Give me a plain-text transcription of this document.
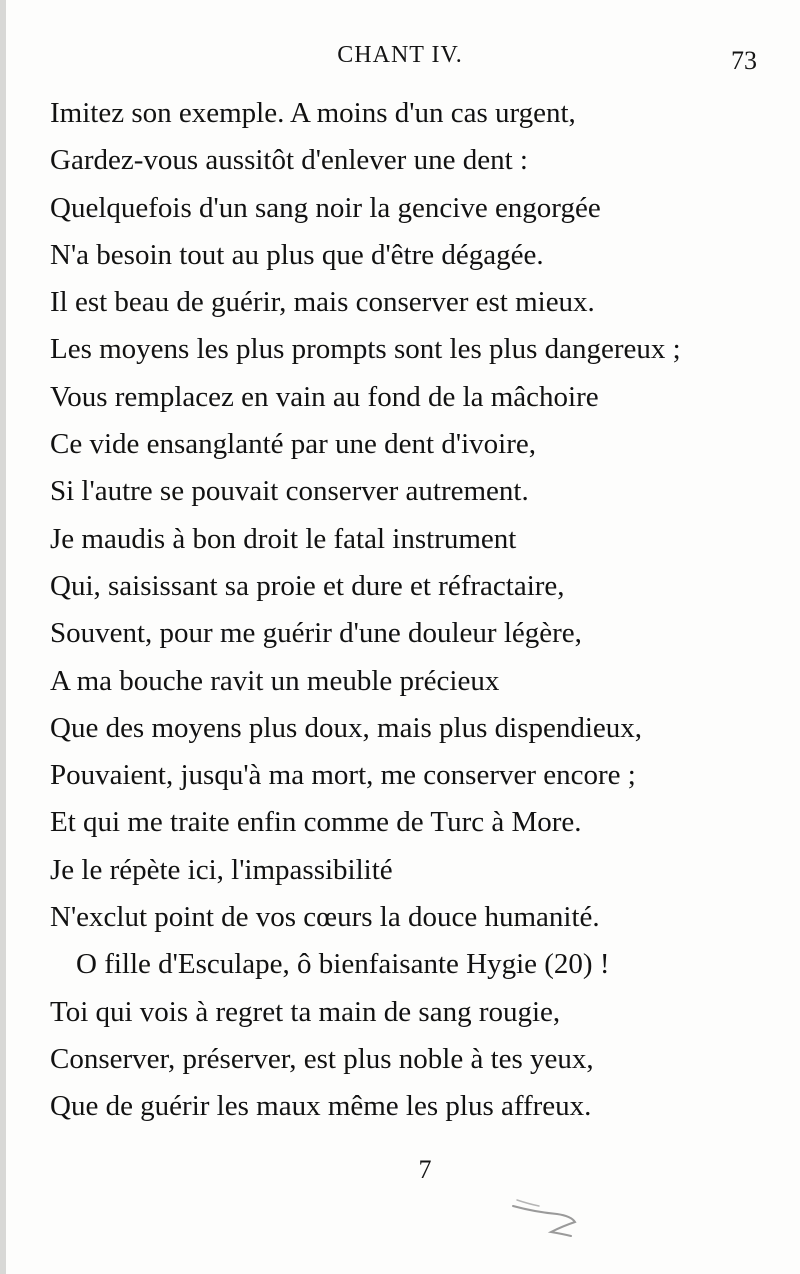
CHANT IV.	73
Imitez son exemple. A moins d'un cas urgent,
Gardez-vous aussitôt d'enlever une dent :
Quelquefois d'un sang noir la gencive engorgée
N'a besoin tout au plus que d'être dégagée.
Il est beau de guérir, mais conserver est mieux.
Les moyens les plus prompts sont les plus dangereux ;
Vous remplacez en vain au fond de la mâchoire
Ce vide ensanglanté par une dent d'ivoire,
Si l'autre se pouvait conserver autrement.
Je maudis à bon droit le fatal instrument
Qui, saisissant sa proie et dure et réfractaire,
Souvent, pour me guérir d'une douleur légère,
A ma bouche ravit un meuble précieux
Que des moyens plus doux, mais plus dispendieux,
Pouvaient, jusqu'à ma mort, me conserver encore ;
Et qui me traite enfin comme de Turc à More.
Je le répète ici, l'impassibilité
N'exclut point de vos cœurs la douce humanité.
O fille d'Esculape, ô bienfaisante Hygie (20) !
Toi qui vois à regret ta main de sang rougie,
Conserver, préserver, est plus noble à tes yeux,
Que de guérir les maux même les plus affreux.
7
